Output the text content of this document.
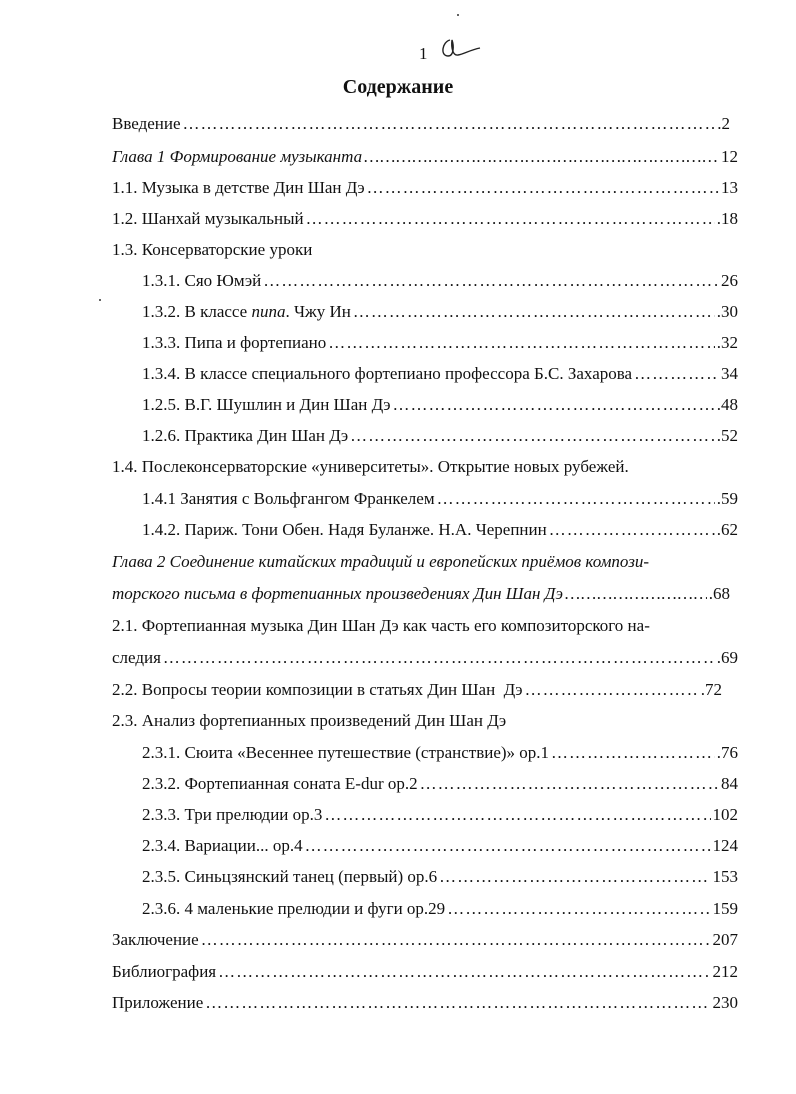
1
Содержание
Введение ……………………………………………………………………………………………………………………………………………………………………………………………………	.2
Глава 1 Формирование музыканта ……………………………………………………………………………………………………………………………………………………………………………………………………	12
1.1. Музыка в детстве Дин Шан Дэ ……………………………………………………………………………………………………………………………………………………………………………………………………	13
1.2. Шанхай музыкальный ……………………………………………………………………………………………………………………………………………………………………………………………………	.18
1.3. Консерваторские уроки
1.3.1. Сяо Юмэй ……………………………………………………………………………………………………………………………………………………………………………………………………	26
1.3.2. В классе пипа . Чжу Ин ……………………………………………………………………………………………………………………………………………………………………………………………………	.30
1.3.3. Пипа и фортепиано ……………………………………………………………………………………………………………………………………………………………………………………………………	.32
1.3.4. В классе специального фортепиано профессора Б.С. Захарова ……………………………………………………………………………………………………………………………………………………………………………………………………	34
1.2.5. В.Г. Шушлин и Дин Шан Дэ ……………………………………………………………………………………………………………………………………………………………………………………………………	.48
1.2.6. Практика Дин Шан Дэ ……………………………………………………………………………………………………………………………………………………………………………………………………	.52
1.4. Послеконсерваторские «университеты». Открытие новых рубежей.
1.4.1 Занятия с Вольфгангом Франкелем ……………………………………………………………………………………………………………………………………………………………………………………………………	.59
1.4.2. Париж. Тони Обен. Надя Буланже. Н.А. Черепнин ……………………………………………………………………………………………………………………………………………………………………………………………………	.62
Глава 2 Соединение китайских традиций и европейских приёмов компози-
торского письма в фортепианных произведениях Дин Шан Дэ ……………………………………………………………………………………………………………………………………………………………………………………………………	.68
2.1. Фортепианная музыка Дин Шан Дэ как часть его композиторского на-
следия ……………………………………………………………………………………………………………………………………………………………………………………………………	.69
2.2. Вопросы теории композиции в статьях Дин Шан  Дэ ……………………………………………………………………………………………………………………………………………………………………………………………………	.72
2.3. Анализ фортепианных произведений Дин Шан Дэ
2.3.1. Сюита «Весеннее путешествие (странствие)» ор.1 ……………………………………………………………………………………………………………………………………………………………………………………………………	.76
2.3.2. Фортепианная соната E-dur ор.2 ……………………………………………………………………………………………………………………………………………………………………………………………………	84
2.3.3. Три прелюдии ор.3 ……………………………………………………………………………………………………………………………………………………………………………………………………	102
2.3.4. Вариации... ор.4 ……………………………………………………………………………………………………………………………………………………………………………………………………	124
2.3.5. Синьцзянский танец (первый) ор.6 ……………………………………………………………………………………………………………………………………………………………………………………………………	153
2.3.6. 4 маленькие прелюдии и фуги ор.29 ……………………………………………………………………………………………………………………………………………………………………………………………………	159
Заключение ……………………………………………………………………………………………………………………………………………………………………………………………………	207
Библиография ……………………………………………………………………………………………………………………………………………………………………………………………………	212
Приложение ……………………………………………………………………………………………………………………………………………………………………………………………………	230
